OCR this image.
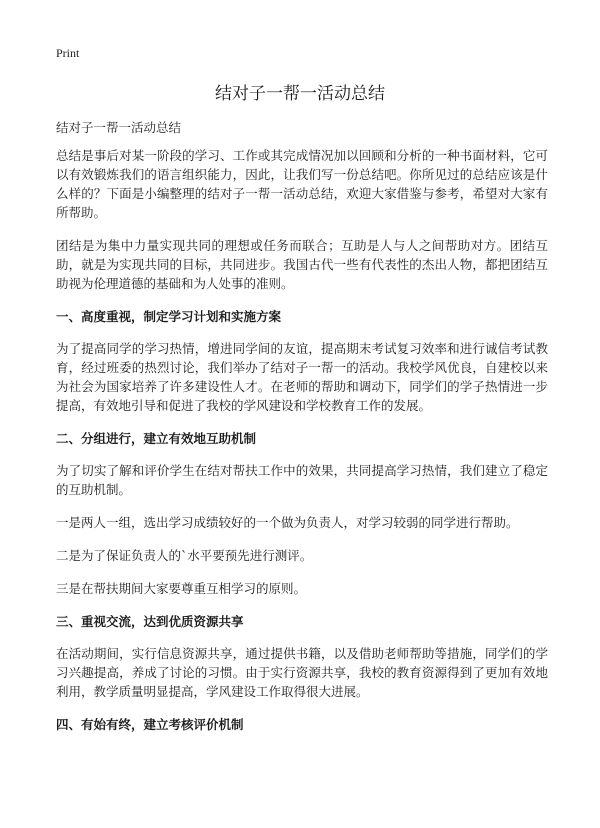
Print
结对子一帮一活动总结
结对子一帮一活动总结

总结是事后对某一阶段的学习、工作或其完成情况加以回顾和分析的一种书面材料，它可以有效锻炼我们的语言组织能力，因此，让我们写一份总结吧。你所见过的总结应该是什么样的？下面是小编整理的结对子一帮一活动总结，欢迎大家借鉴与参考，希望对大家有所帮助。

团结是为集中力量实现共同的理想或任务而联合；互助是人与人之间帮助对方。团结互助，就是为实现共同的目标，共同进步。我国古代一些有代表性的杰出人物，都把团结互助视为伦理道德的基础和为人处事的准则。

一、高度重视，制定学习计划和实施方案

为了提高同学的学习热情，增进同学间的友谊，提高期末考试复习效率和进行诚信考试教育，经过班委的热烈讨论，我们举办了结对子一帮一的活动。我校学风优良，自建校以来为社会为国家培养了许多建设性人才。在老师的帮助和调动下，同学们的学子热情进一步提高，有效地引导和促进了我校的学风建设和学校教育工作的发展。

二、分组进行，建立有效地互助机制

为了切实了解和评价学生在结对帮扶工作中的效果，共同提高学习热情，我们建立了稳定的互助机制。

一是两人一组，选出学习成绩较好的一个做为负责人，对学习较弱的同学进行帮助。

二是为了保证负责人的`水平要预先进行测评。

三是在帮扶期间大家要尊重互相学习的原则。

三、重视交流，达到优质资源共享

在活动期间，实行信息资源共享，通过提供书籍，以及借助老师帮助等措施，同学们的学习兴趣提高，养成了讨论的习惯。由于实行资源共享，我校的教育资源得到了更加有效地利用，教学质量明显提高，学风建设工作取得很大进展。

四、有始有终，建立考核评价机制
